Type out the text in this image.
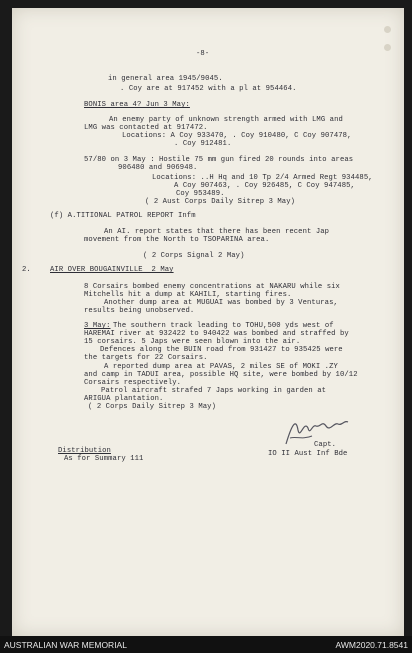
-8-
in general area 1945/9045.
. Coy are at 917452 with a pl at 954464.
BONIS area 4? Jun 3 May:
An enemy party of unknown strength armed with LMG and
LMG was contacted at 917472.
Locations: A Coy 933470, . Coy 910480, C Coy 907478,
. Coy 912481.
57/80 on 3 May : Hostile 75 mm gun fired 20 rounds into areas
906480 and 906948.
Locations: ..H Hq and 10 Tp 2/4 Armed Regt 934485,
A Coy 907463, . Coy 926485, C Coy 947485,
Coy 953489.
( 2 Aust Corps Daily Sitrep 3 May)
(f) A.TITIONAL PATROL REPORT Infm
An AI. report states that there has been recent Jap
movement from the North to TSOPARINA area.
( 2 Corps Signal 2 May)
2.	AIR OVER BOUGAINVILLE  2 May
8 Corsairs bombed enemy concentrations at NAKARU while six
Mitchells hit a dump at KAHILI, starting fires.
Another dump area at MUGUAI was bombed by 3 Venturas,
results being unobserved.
3 May: The southern track leading to TOHU,500 yds west of
HAREMAI river at 932422 to 940422 was bombed and straffed by
15 corsairs. 5 Japs were seen blown into the air.
Defences along the BUIN road from 931427 to 935425 were
the targets for 22 Corsairs.
A reported dump area at PAVAS, 2 miles SE of MOKI .ZY
and camp in TADUI area, possible HQ site, were bombed by 10/12
Corsairs respectively.
Patrol aircraft strafed 7 Japs working in garden at
ARIGUA plantation.
( 2 Corps Daily Sitrep 3 May)
Distribution
As for Summary 111
Capt.
IO II Aust Inf Bde
AUSTRALIAN WAR MEMORIAL	AWM2020.71.8541
